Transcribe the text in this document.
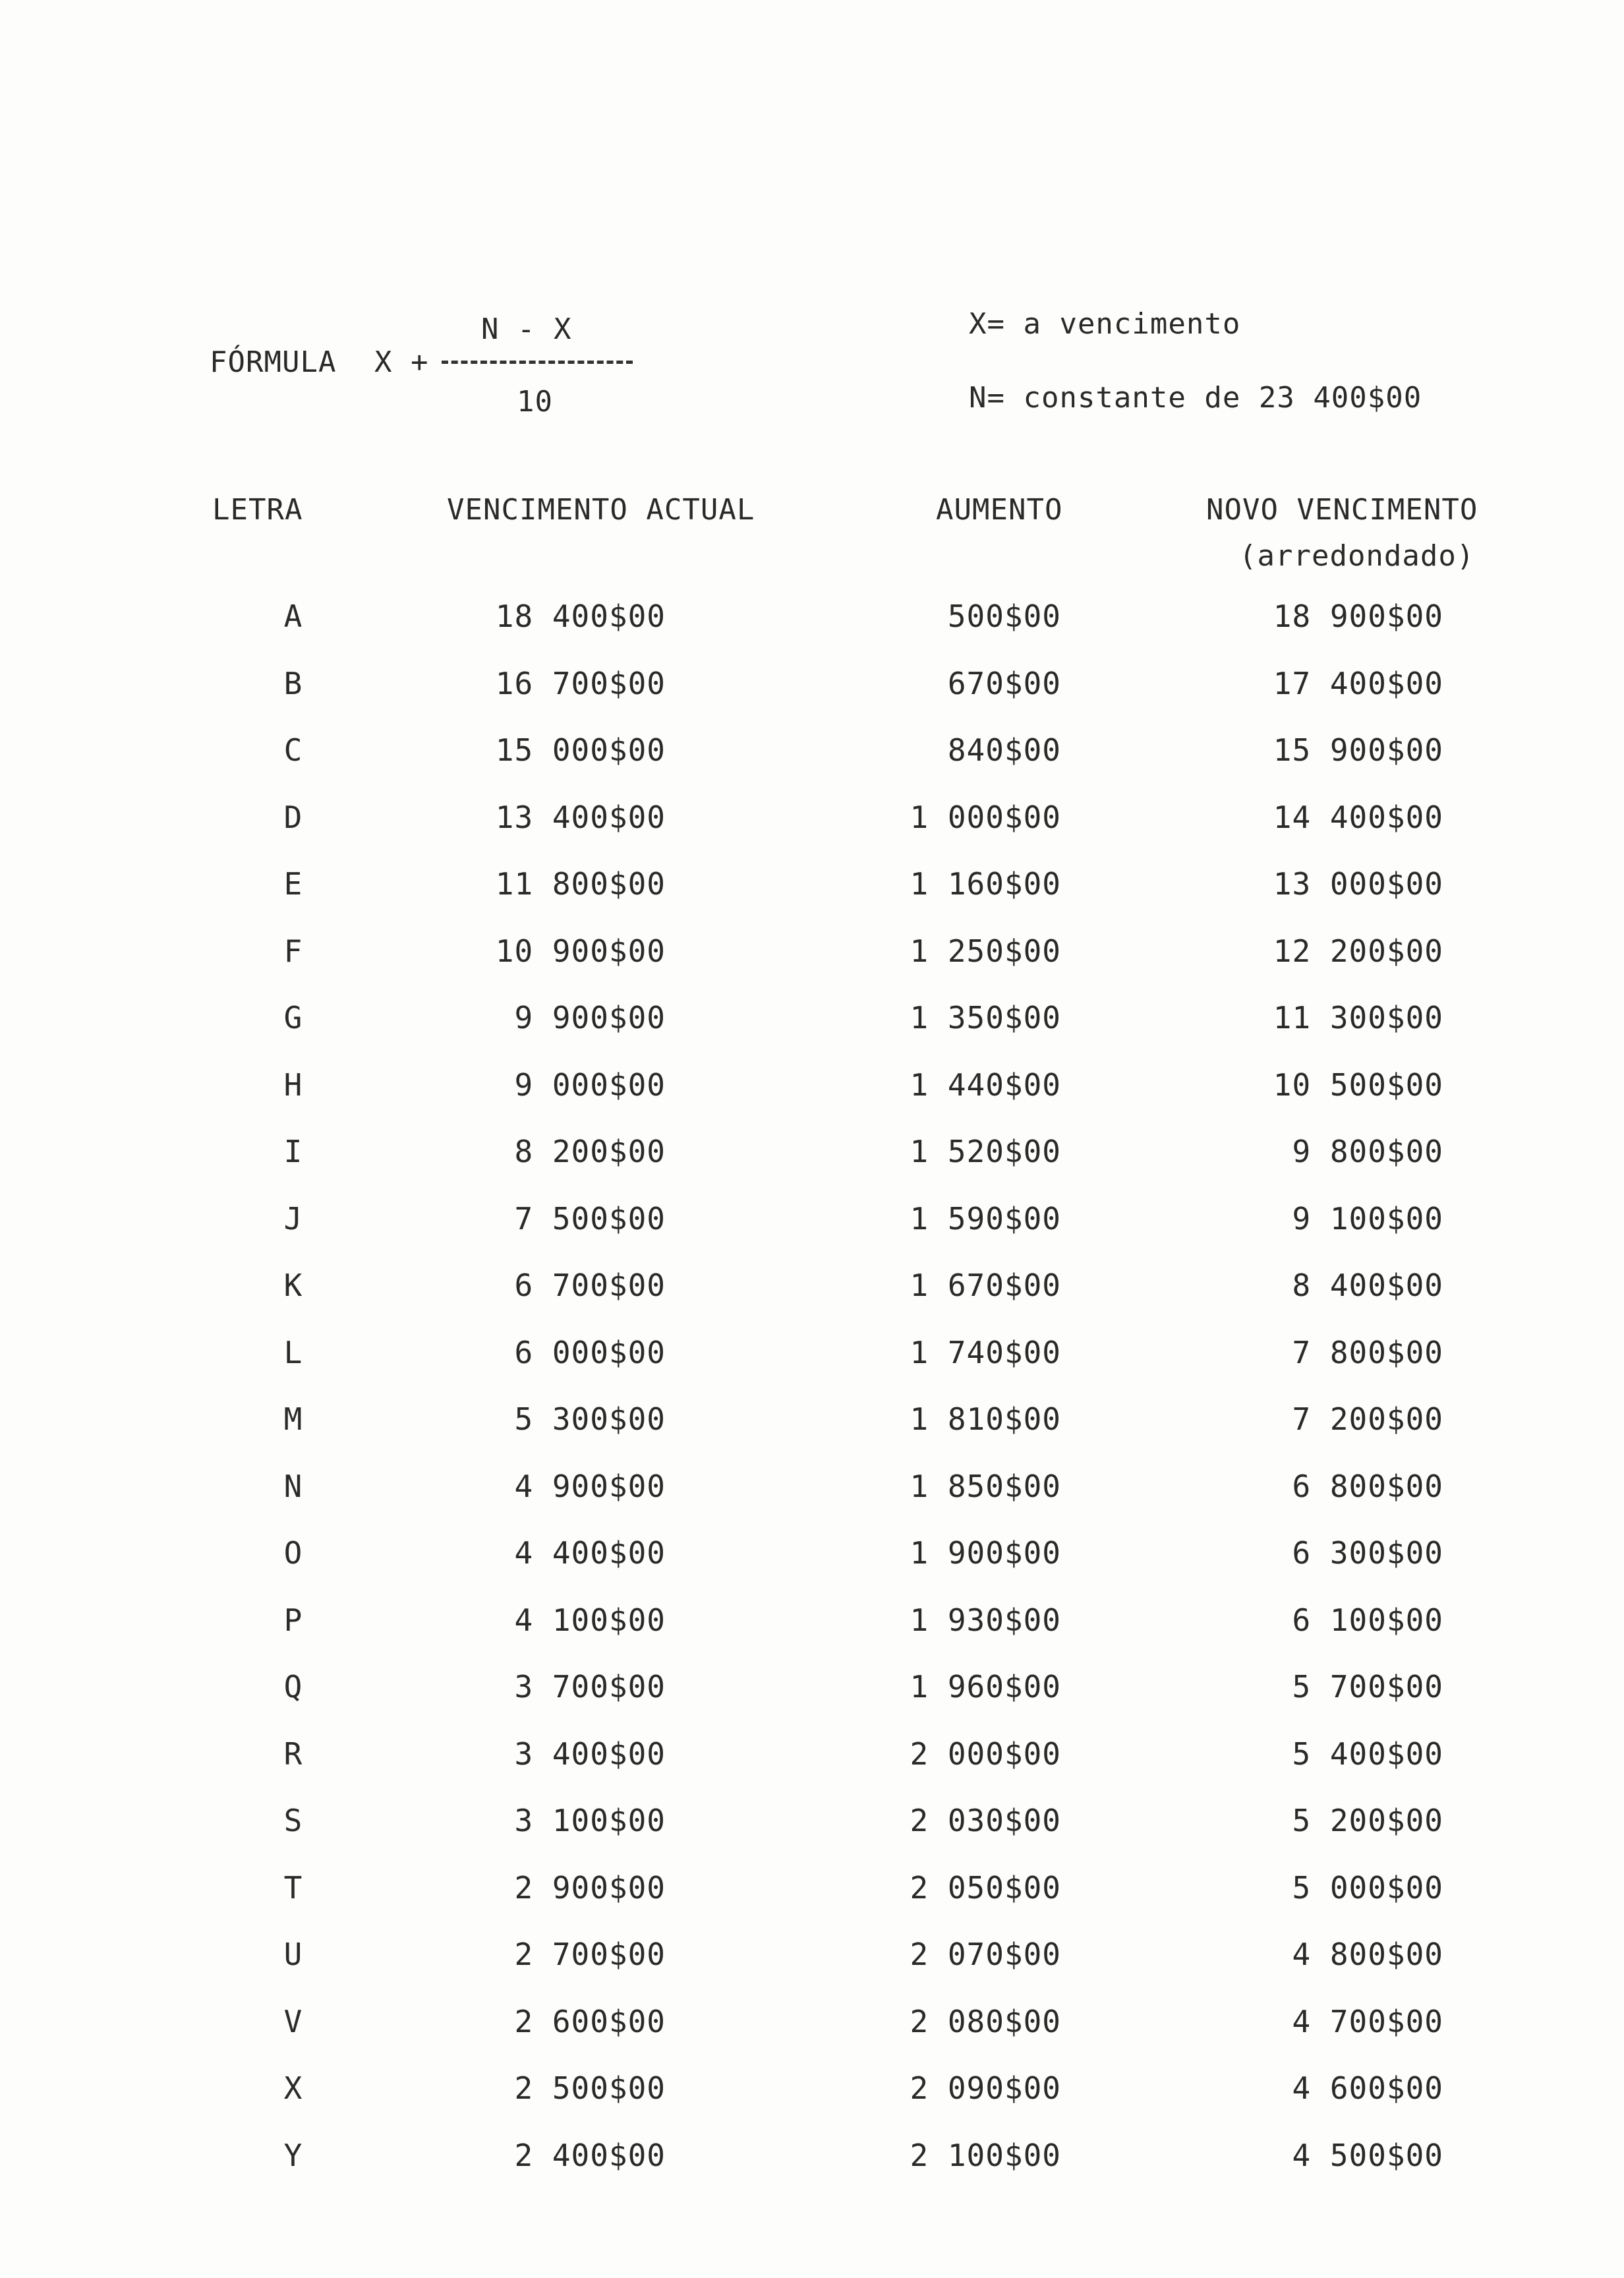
FÓRMULA X +
N - X
10
X= a vencimento
N= constante de 23 400$00
LETRA	VENCIMENTO ACTUAL	AUMENTO	NOVO VENCIMENTO
(arredondado)
A	18 400$00	500$00	18 900$00
B	16 700$00	670$00	17 400$00
C	15 000$00	840$00	15 900$00
D	13 400$00	1 000$00	14 400$00
E	11 800$00	1 160$00	13 000$00
F	10 900$00	1 250$00	12 200$00
G	9 900$00	1 350$00	11 300$00
H	9 000$00	1 440$00	10 500$00
I	8 200$00	1 520$00	9 800$00
J	7 500$00	1 590$00	9 100$00
K	6 700$00	1 670$00	8 400$00
L	6 000$00	1 740$00	7 800$00
M	5 300$00	1 810$00	7 200$00
N	4 900$00	1 850$00	6 800$00
O	4 400$00	1 900$00	6 300$00
P	4 100$00	1 930$00	6 100$00
Q	3 700$00	1 960$00	5 700$00
R	3 400$00	2 000$00	5 400$00
S	3 100$00	2 030$00	5 200$00
T	2 900$00	2 050$00	5 000$00
U	2 700$00	2 070$00	4 800$00
V	2 600$00	2 080$00	4 700$00
X	2 500$00	2 090$00	4 600$00
Y	2 400$00	2 100$00	4 500$00
